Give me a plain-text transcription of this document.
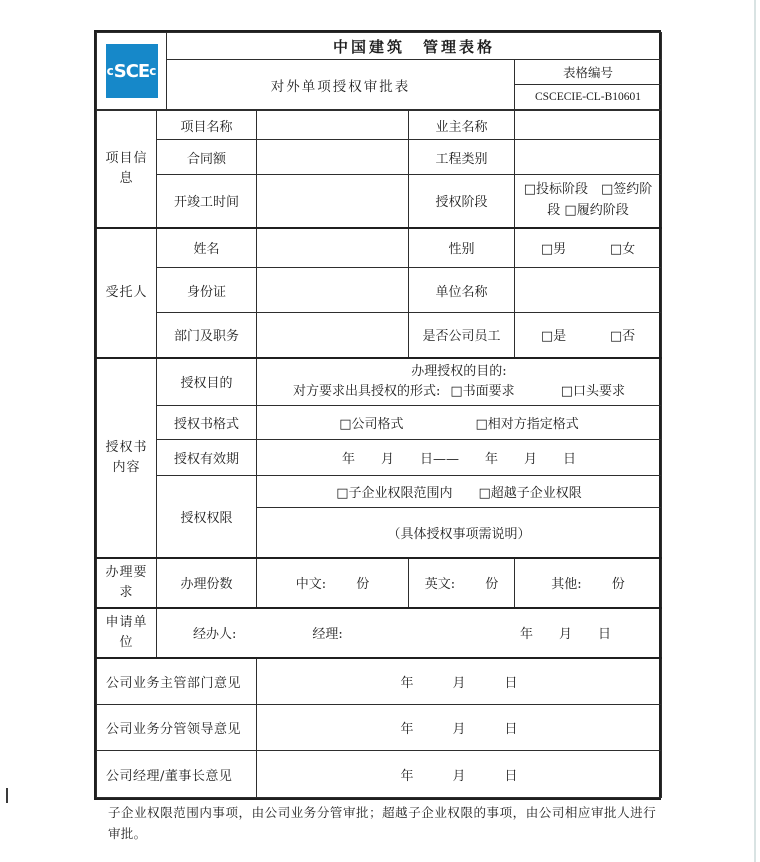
c SCE c	中国建筑　管理表格	
	对外单项授权审批表	表格编号
		CSCECIE-CL-B10601
项目信息	项目名称		业主名称	
	合同额		工程类别	
	开竣工时间		授权阶段	□投标阶段　□签约阶段 □履约阶段
受托人	姓名		性别	□男 □女

	身份证		单位名称	
	部门及职务		是否公司员工	□是 □否

授权书内容	授权目的	办理授权的目的:
对方要求出具授权的形式: □书面要求 □口头要求		

	授权书格式	□公司格式 □相对方指定格式		

	授权有效期	年　　月　　日——　　年　　月　　日		
	授权权限	□子企业权限范围内 □超越子企业权限		

		（具体授权事项需说明）		
办理要求	办理份数	中文: 份	英文: 份	其他: 份

申请单位	经办人: 经理: 年　　月　　日			

公司业务主管部门意见		年　　　月　　　日		
公司业务分管领导意见		年　　　月　　　日		
公司经理/董事长意见		年　　　月　　　日		
子企业权限范围内事项，由公司业务分管审批；超越子企业权限的事项，由公司相应审批人进行审批。
